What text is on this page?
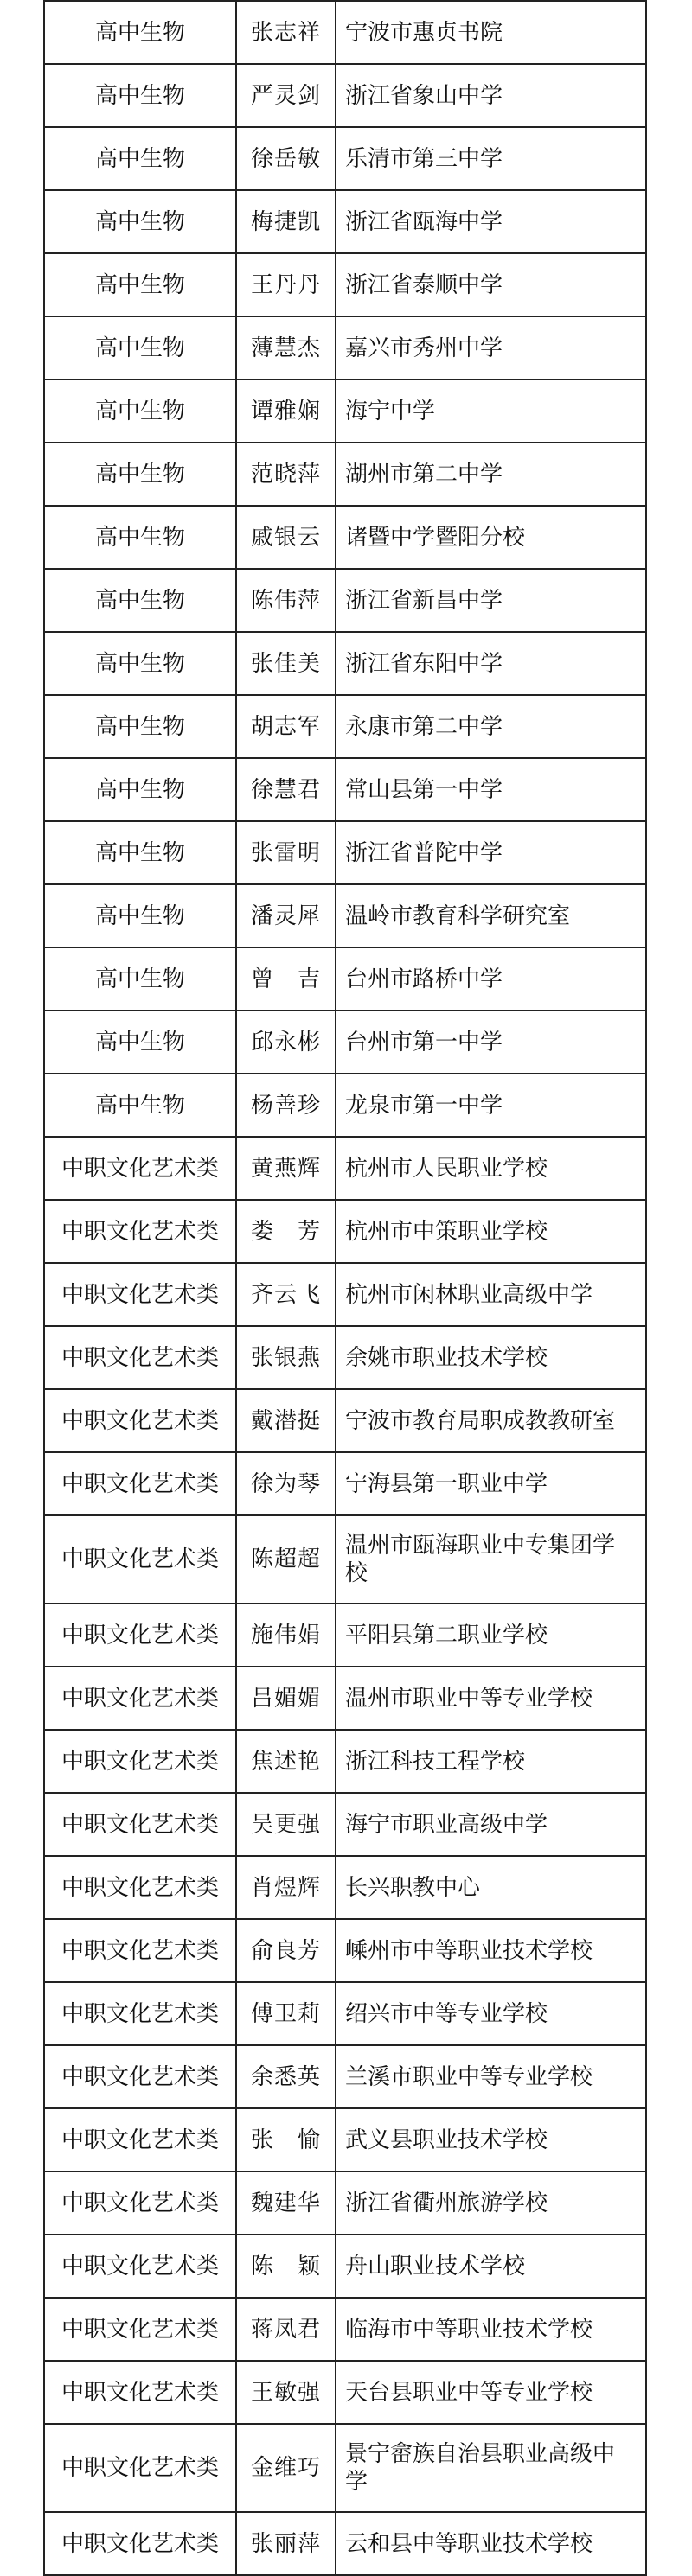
高中生物	张志祥	宁波市惠贞书院
高中生物	严灵剑	浙江省象山中学
高中生物	徐岳敏	乐清市第三中学
高中生物	梅捷凯	浙江省瓯海中学
高中生物	王丹丹	浙江省泰顺中学
高中生物	薄慧杰	嘉兴市秀州中学
高中生物	谭雅娴	海宁中学
高中生物	范晓萍	湖州市第二中学
高中生物	戚银云	诸暨中学暨阳分校
高中生物	陈伟萍	浙江省新昌中学
高中生物	张佳美	浙江省东阳中学
高中生物	胡志军	永康市第二中学
高中生物	徐慧君	常山县第一中学
高中生物	张雷明	浙江省普陀中学
高中生物	潘灵犀	温岭市教育科学研究室
高中生物	曾　吉	台州市路桥中学
高中生物	邱永彬	台州市第一中学
高中生物	杨善珍	龙泉市第一中学
中职文化艺术类	黄燕辉	杭州市人民职业学校
中职文化艺术类	娄　芳	杭州市中策职业学校
中职文化艺术类	齐云飞	杭州市闲林职业高级中学
中职文化艺术类	张银燕	余姚市职业技术学校
中职文化艺术类	戴潜挺	宁波市教育局职成教教研室
中职文化艺术类	徐为琴	宁海县第一职业中学
中职文化艺术类	陈超超	温州市瓯海职业中专集团学校
中职文化艺术类	施伟娟	平阳县第二职业学校
中职文化艺术类	吕媚媚	温州市职业中等专业学校
中职文化艺术类	焦述艳	浙江科技工程学校
中职文化艺术类	吴更强	海宁市职业高级中学
中职文化艺术类	肖煜辉	长兴职教中心
中职文化艺术类	俞良芳	嵊州市中等职业技术学校
中职文化艺术类	傅卫莉	绍兴市中等专业学校
中职文化艺术类	余悉英	兰溪市职业中等专业学校
中职文化艺术类	张　愉	武义县职业技术学校
中职文化艺术类	魏建华	浙江省衢州旅游学校
中职文化艺术类	陈　颖	舟山职业技术学校
中职文化艺术类	蒋凤君	临海市中等职业技术学校
中职文化艺术类	王敏强	天台县职业中等专业学校
中职文化艺术类	金维巧	景宁畲族自治县职业高级中学
中职文化艺术类	张丽萍	云和县中等职业技术学校
